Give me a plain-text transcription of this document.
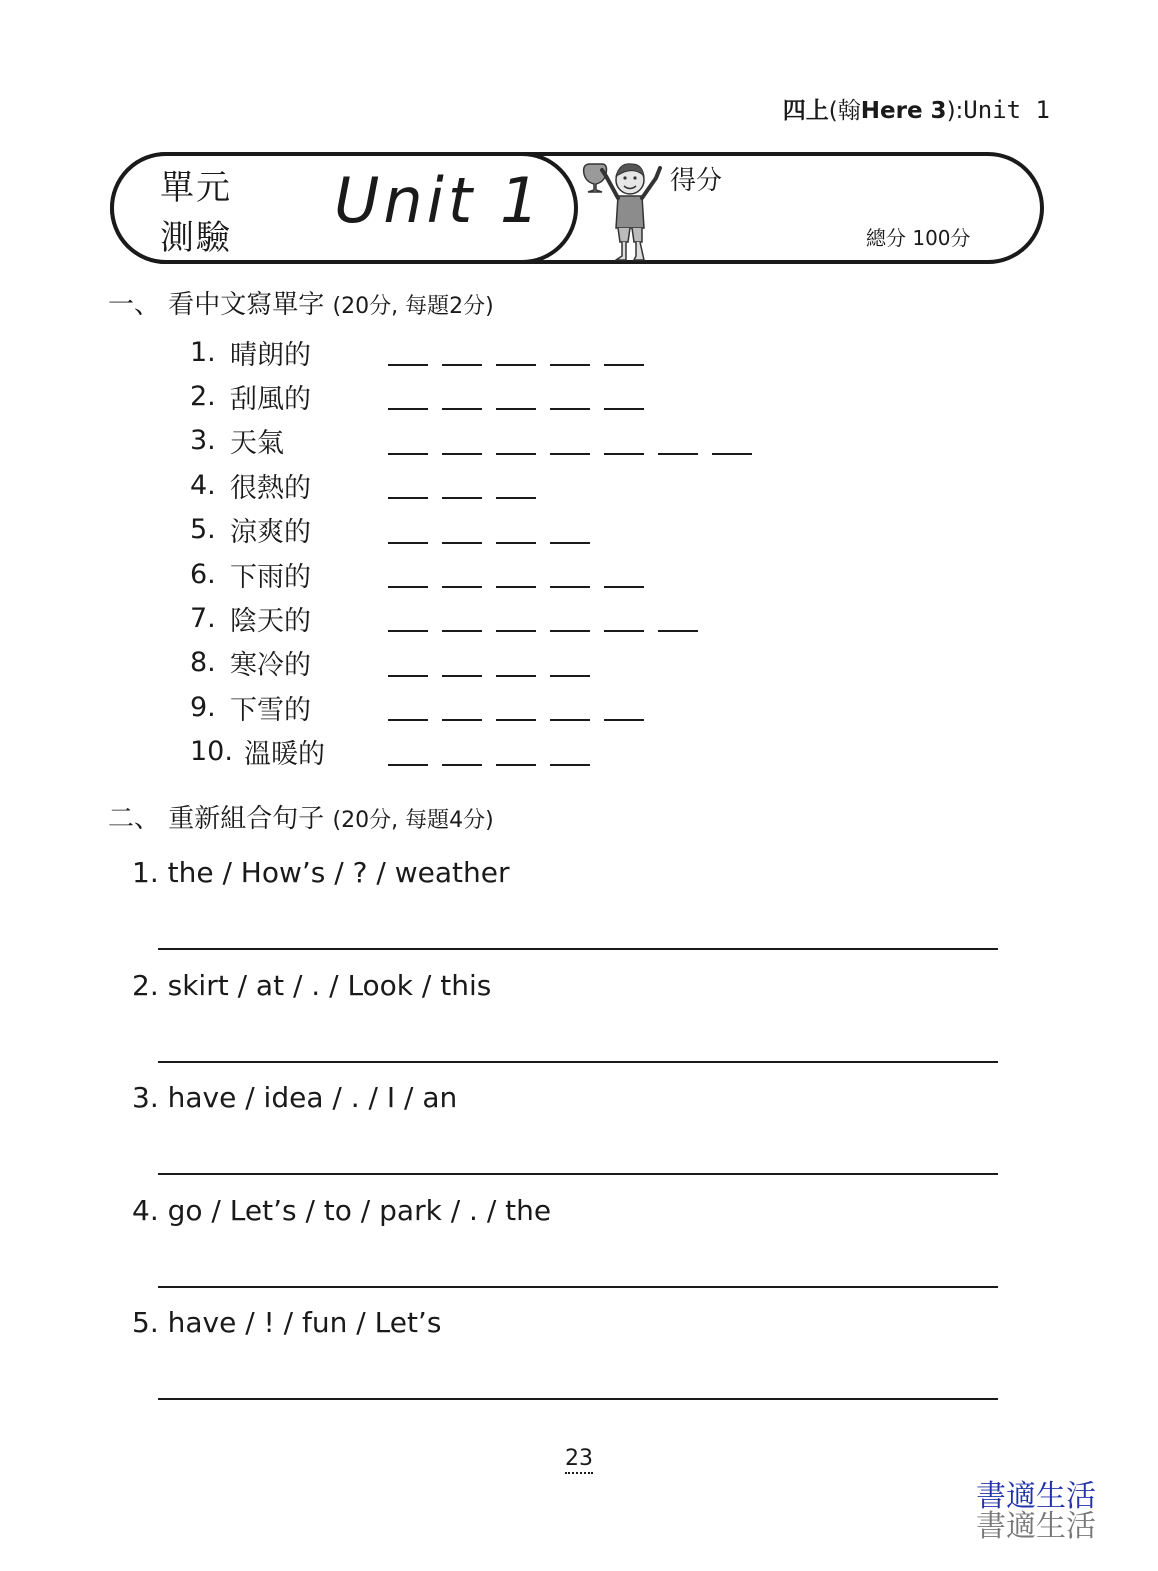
四上(翰Here 3):Unit 1
單元
測驗
Unit 1	得分
總分 100分
一、 看中文寫單字 (20分, 每題2分)
1. 晴朗的
2. 刮風的
3. 天氣
4. 很熱的
5. 涼爽的
6. 下雨的
7. 陰天的
8. 寒冷的
9. 下雪的
10. 溫暖的
二、 重新組合句子 (20分, 每題4分)
1. the / How’s / ? / weather
2. skirt / at / . / Look / this
3. have / idea / . / I / an
4. go / Let’s / to / park / . / the
5. have / ! / fun / Let’s
23
書適生活
書適生活
